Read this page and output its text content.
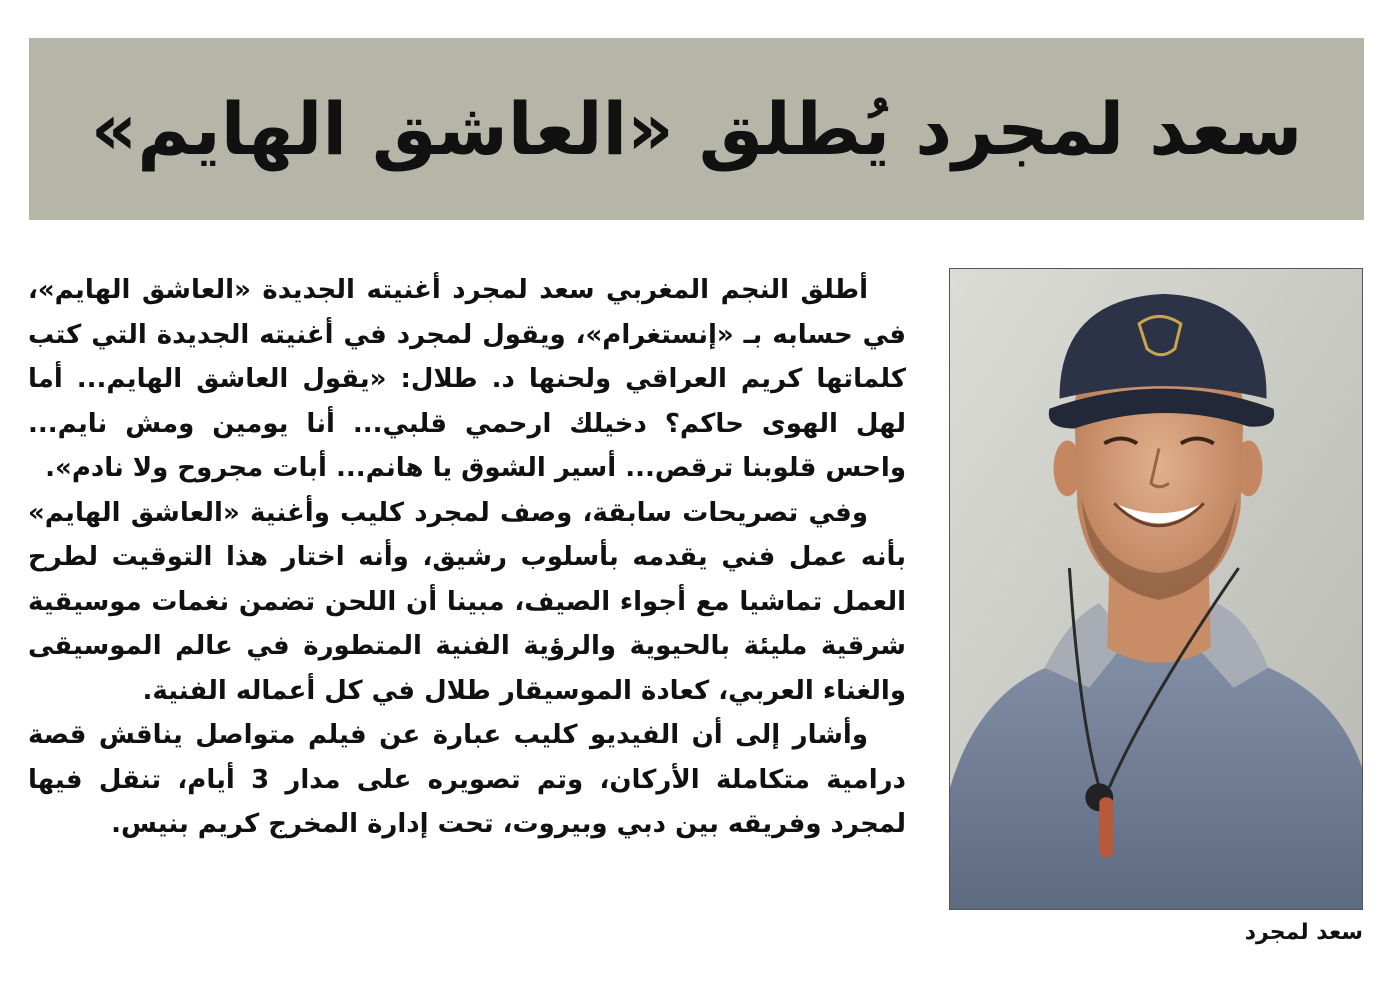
سعد لمجرد يُطلق «العاشق الهايم»

أطلق النجم المغربي سعد لمجرد أغنيته الجديدة «العاشق الهايم»، في حسابه بـ «إنستغرام»، ويقول لمجرد في أغنيته الجديدة التي كتب كلماتها كريم العراقي ولحنها د. طلال: «يقول العاشق الهايم... أما لهل الهوى حاكم؟ دخيلك ارحمي قلبي... أنا يومين ومش نايم... واحس قلوبنا ترقص... أسير الشوق يا هانم... أبات مجروح ولا نادم».

وفي تصريحات سابقة، وصف لمجرد كليب وأغنية «العاشق الهايم» بأنه عمل فني يقدمه بأسلوب رشيق، وأنه اختار هذا التوقيت لطرح العمل تماشيا مع أجواء الصيف، مبينا أن اللحن تضمن نغمات موسيقية شرقية مليئة بالحيوية والرؤية الفنية المتطورة في عالم الموسيقى والغناء العربي، كعادة الموسيقار طلال في كل أعماله الفنية.

وأشار إلى أن الفيديو كليب عبارة عن فيلم متواصل يناقش قصة درامية متكاملة الأركان، وتم تصويره على مدار 3 أيام، تنقل فيها لمجرد وفريقه بين دبي وبيروت، تحت إدارة المخرج كريم بنيس.

سعد لمجرد
